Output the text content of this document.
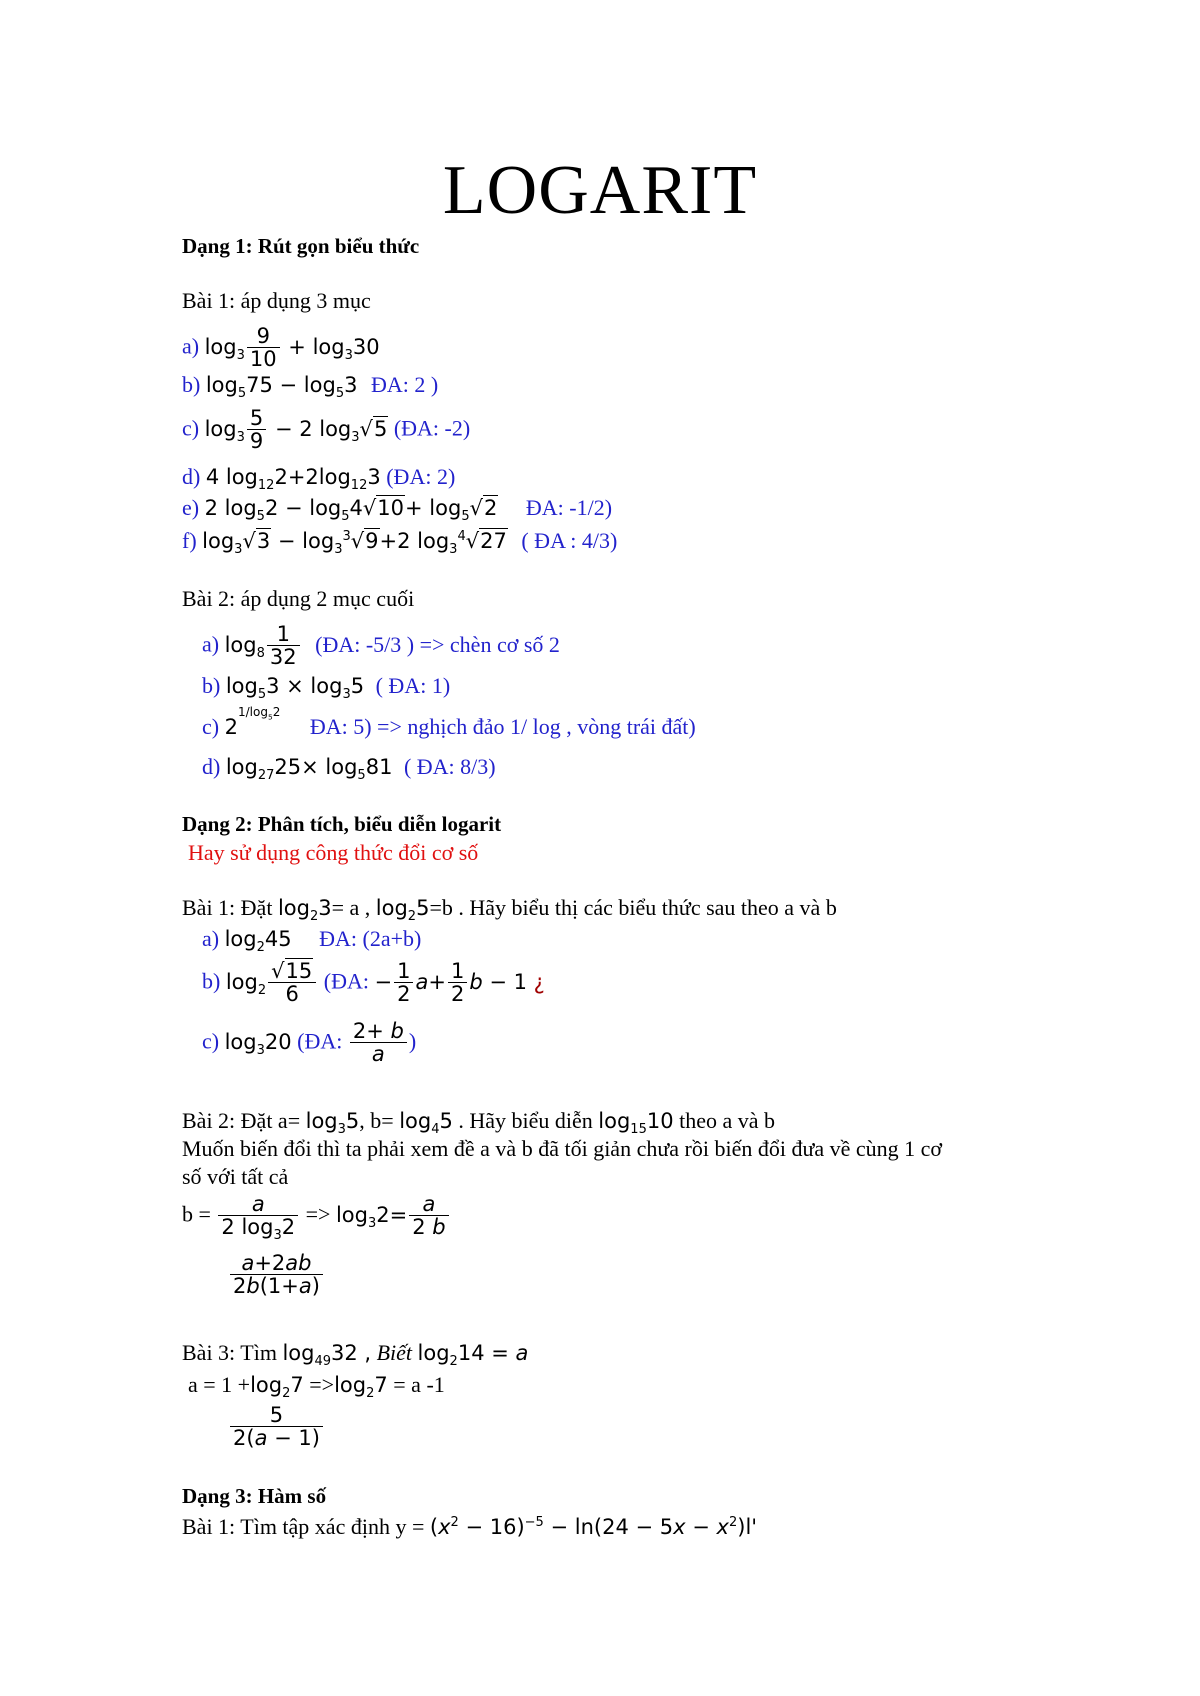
LOGARIT
Dạng 1: Rút gọn biểu thức
Bài 1: áp dụng 3 mục
a) $\log_3 \frac{9}{10} + \log_330$
b) $\log_575 - \log_53$ ĐA: 2 )
c) $\log_3 \frac{5}{9} - 2$ $\log_3√5$ (ĐA: -2)
d) 4 $\log_{12}2+2\log_{12}3$ (ĐA: 2)
e) 2 $\log_52 - \log_54√10+ \log_5√2$ ĐA: -1/2)
f) $\log_3√3 - \log_3^3√9+2$ $\log_3^4√27$ ( ĐA : 4/3)
Bài 2: áp dụng 2 mục cuối
a) $\log_8 \frac{1}{32}$ (ĐA: -5/3 ) => chèn cơ số 2
b) $\log_53 \times \log_35$ ( ĐA: 1)
c) $2^{1/log_52}$ ĐA: 5) => nghịch đảo 1/ log , vòng trái đất)
d) $\log_{27}25\times \log_581$ ( ĐA: 8/3)
Dạng 2: Phân tích, biểu diễn logarit
Hay sử dụng công thức đổi cơ số
Bài 1: Đặt $\log_23= a$ , $\log_25=b$ . Hãy biểu thị các biểu thức sau theo a và b
a) $\log_245$ ĐA: (2a+b)
b) $\log_2 \frac{√15}{6}$ (ĐA: − $\frac{1}{2} a+ \frac{1}{2}$ b − 1 ¿
c) $\log_320$ (ĐA: $\frac{2+ b}{a}$ )
Bài 2: Đặt $a= \log_35$, $b= \log_45$ . Hãy biểu diễn $\log_{15}10$ theo a và b
Muốn biến đổi thì ta phải xem đề a và b đã tối giản chưa rồi biến đổi đưa về cùng 1 cơ
số với tất cả
$b = \frac{a}{2 \log_32} => \log_32= \frac{a}{2 b}$
$\frac{a+2ab}{2b(1+a)}$
Bài 3: Tìm $\log_{49}32$ , Biết $\log_214 = a$
$a = 1 +\log_27 =>\log_27 = a$ -1
$\frac{5}{2(a - 1)}$
Dạng 3: Hàm số
Bài 1: Tìm tập xác định $y = (x^2 - 16)^{-5} - \ln(24 - 5x - x^2)l'$
